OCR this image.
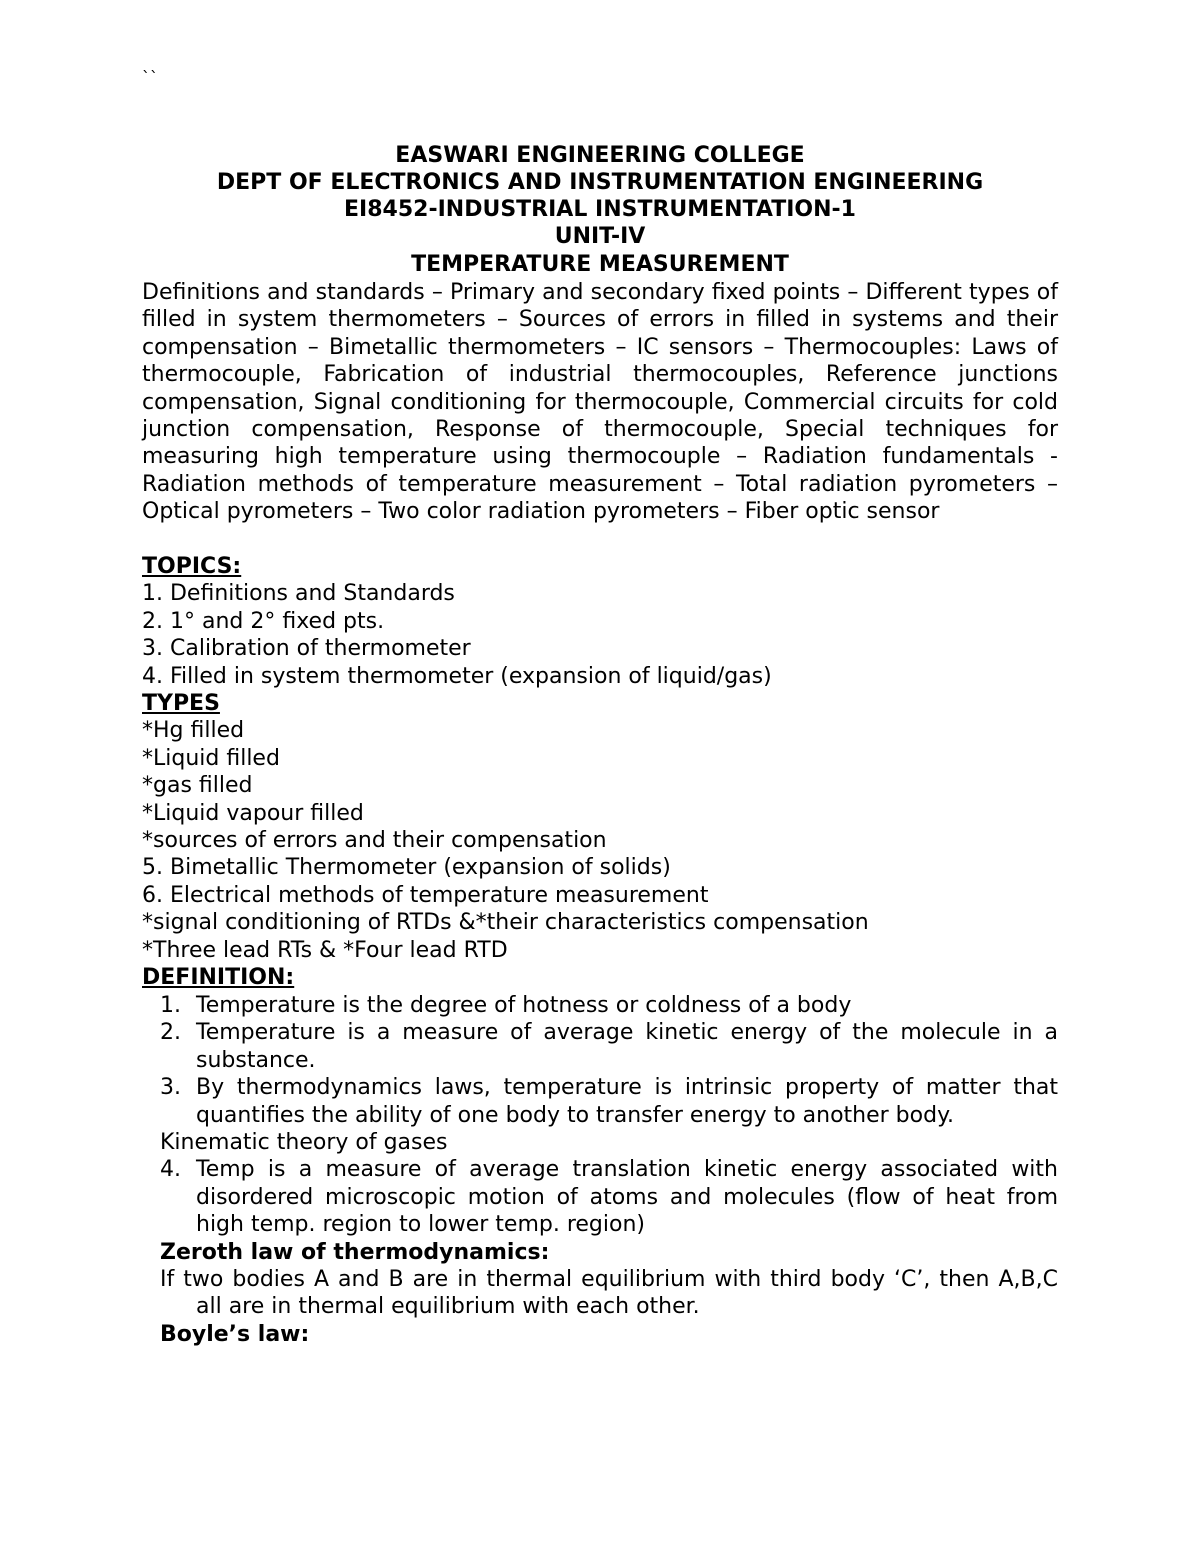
``
EASWARI ENGINEERING COLLEGE
DEPT OF ELECTRONICS AND INSTRUMENTATION ENGINEERING
EI8452-INDUSTRIAL INSTRUMENTATION-1
UNIT-IV
TEMPERATURE MEASUREMENT
Definitions and standards – Primary and secondary fixed points – Different types of filled in system thermometers – Sources of errors in filled in systems and their compensation – Bimetallic thermometers – IC sensors – Thermocouples: Laws of thermocouple, Fabrication of industrial thermocouples, Reference junctions compensation, Signal conditioning for thermocouple, Commercial circuits for cold junction compensation, Response of thermocouple, Special techniques for measuring high temperature using thermocouple – Radiation fundamentals - Radiation methods of temperature measurement – Total radiation pyrometers – Optical pyrometers – Two color radiation pyrometers – Fiber optic sensor
TOPICS:
1. Definitions and Standards
2. 1° and 2° fixed pts.
3. Calibration of thermometer
4. Filled in system thermometer (expansion of liquid/gas)
TYPES
*Hg filled
*Liquid filled
*gas filled
*Liquid vapour filled
*sources of errors and their compensation
5. Bimetallic Thermometer (expansion of solids)
6. Electrical methods of temperature measurement
*signal conditioning of RTDs &*their characteristics compensation
*Three lead RTs & *Four lead RTD
DEFINITION:
1. Temperature is the degree of hotness or coldness of a body
2. Temperature is a measure of average kinetic energy of the molecule in a substance.
3. By thermodynamics laws, temperature is intrinsic property of matter that quantifies the ability of one body to transfer energy to another body.
Kinematic theory of gases
4. Temp is a measure of average translation kinetic energy associated with disordered microscopic motion of atoms and molecules (flow of heat from high temp. region to lower temp. region)
Zeroth law of thermodynamics:
If two bodies A and B are in thermal equilibrium with third body ‘C’, then A,B,C all are in thermal equilibrium with each other.
Boyle’s law:
